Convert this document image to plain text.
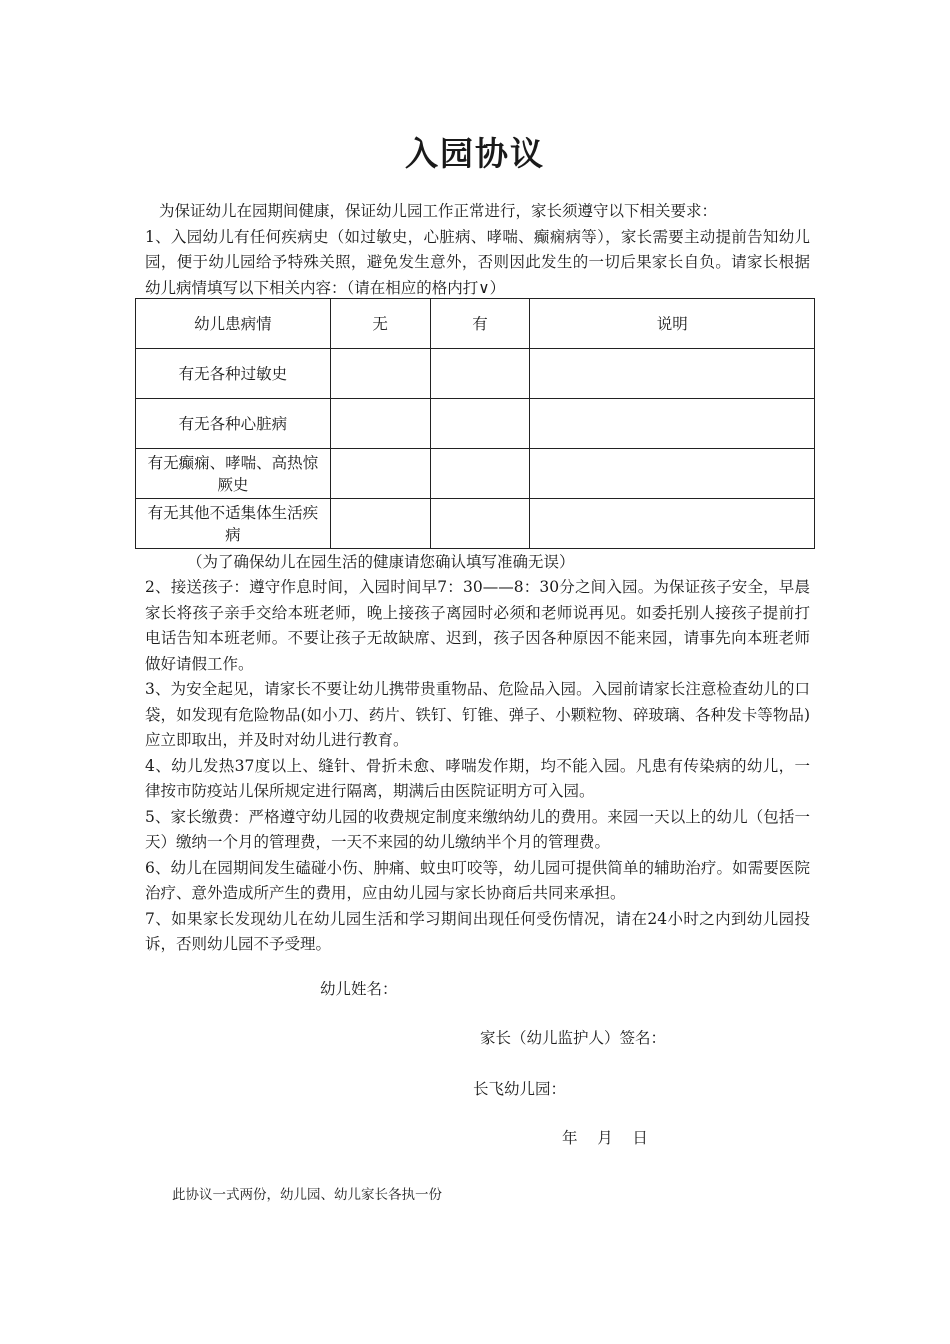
入园协议

为保证幼儿在园期间健康，保证幼儿园工作正常进行，家长须遵守以下相关要求：

1、入园幼儿有任何疾病史（如过敏史，心脏病、哮喘、癫痫病等），家长需要主动提前告知幼儿园，便于幼儿园给予特殊关照，避免发生意外，否则因此发生的一切后果家长自负。请家长根据幼儿病情填写以下相关内容：（请在相应的格内打∨）

幼儿患病情	无	有	说明
有无各种过敏史			
有无各种心脏病			
有无癫痫、哮喘、高热惊厥史			
有无其他不适集体生活疾病			
（为了确保幼儿在园生活的健康请您确认填写准确无误）

2、接送孩子：遵守作息时间，入园时间早7：30——8：30分之间入园。为保证孩子安全，早晨家长将孩子亲手交给本班老师，晚上接孩子离园时必须和老师说再见。如委托别人接孩子提前打电话告知本班老师。不要让孩子无故缺席、迟到，孩子因各种原因不能来园，请事先向本班老师做好请假工作。

3、为安全起见，请家长不要让幼儿携带贵重物品、危险品入园。入园前请家长注意检查幼儿的口袋，如发现有危险物品(如小刀、药片、铁钉、钉锥、弹子、小颗粒物、碎玻璃、各种发卡等物品)应立即取出，并及时对幼儿进行教育。

4、幼儿发热37度以上、缝针、骨折未愈、哮喘发作期，均不能入园。凡患有传染病的幼儿，一律按市防疫站儿保所规定进行隔离，期满后由医院证明方可入园。

5、家长缴费：严格遵守幼儿园的收费规定制度来缴纳幼儿的费用。来园一天以上的幼儿（包括一天）缴纳一个月的管理费，一天不来园的幼儿缴纳半个月的管理费。

6、幼儿在园期间发生磕碰小伤、肿痛、蚊虫叮咬等，幼儿园可提供简单的辅助治疗。如需要医院治疗、意外造成所产生的费用，应由幼儿园与家长协商后共同来承担。

7、如果家长发现幼儿在幼儿园生活和学习期间出现任何受伤情况，请在24小时之内到幼儿园投诉，否则幼儿园不予受理。

幼儿姓名：
家长（幼儿监护人）签名：
长飞幼儿园：
年    月    日
此协议一式两份，幼儿园、幼儿家长各执一份
